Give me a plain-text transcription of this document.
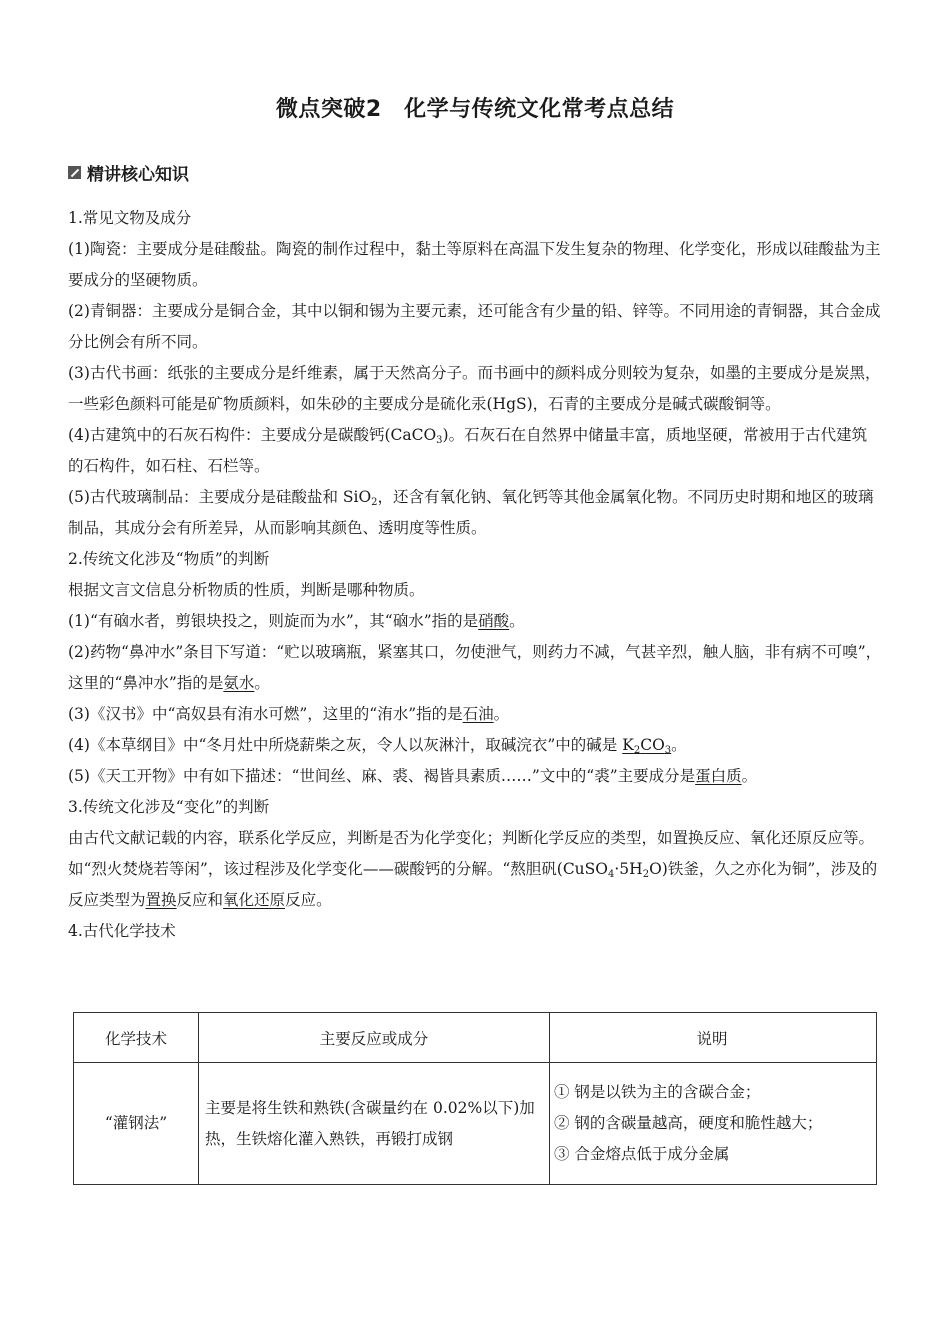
微点突破2　化学与传统文化常考点总结
精讲核心知识

1.常见文物及成分

(1)陶瓷：主要成分是硅酸盐。陶瓷的制作过程中，黏土等原料在高温下发生复杂的物理、化学变化，形成以硅酸盐为主要成分的坚硬物质。

(2)青铜器：主要成分是铜合金，其中以铜和锡为主要元素，还可能含有少量的铅、锌等。不同用途的青铜器，其合金成分比例会有所不同。

(3)古代书画：纸张的主要成分是纤维素，属于天然高分子。而书画中的颜料成分则较为复杂，如墨的主要成分是炭黑，一些彩色颜料可能是矿物质颜料，如朱砂的主要成分是硫化汞(HgS)，石青的主要成分是碱式碳酸铜等。

(4)古建筑中的石灰石构件：主要成分是碳酸钙(CaCO$_3$)。石灰石在自然界中储量丰富，质地坚硬，常被用于古代建筑的石构件，如石柱、石栏等。

(5)古代玻璃制品：主要成分是硅酸盐和 SiO$_2$，还含有氧化钠、氧化钙等其他金属氧化物。不同历史时期和地区的玻璃制品，其成分会有所差异，从而影响其颜色、透明度等性质。

2.传统文化涉及“物质”的判断

根据文言文信息分析物质的性质，判断是哪种物质。

(1)“有硇水者，剪银块投之，则旋而为水”，其“硇水”指的是硝酸。

(2)药物“鼻冲水”条目下写道：“贮以玻璃瓶，紧塞其口，勿使泄气，则药力不减，气甚辛烈，触人脑，非有病不可嗅”，这里的“鼻冲水”指的是氨水。

(3)《汉书》中“高奴县有洧水可燃”，这里的“洧水”指的是石油。

(4)《本草纲目》中“冬月灶中所烧薪柴之灰，令人以灰淋汁，取碱浣衣”中的碱是 $K_2CO_3$。

(5)《天工开物》中有如下描述：“世间丝、麻、裘、褐皆具素质……”文中的“裘”主要成分是蛋白质。

3.传统文化涉及“变化”的判断

由古代文献记载的内容，联系化学反应，判断是否为化学变化；判断化学反应的类型，如置换反应、氧化还原反应等。如“烈火焚烧若等闲”，该过程涉及化学变化——碳酸钙的分解。“熬胆矾$(CuSO_4\cdot 5H_2O)$铁釜，久之亦化为铜”，涉及的反应类型为置换反应和氧化还原反应。

4.古代化学技术

化学技术	主要反应或成分	说明
“灌钢法”	主要是将生铁和熟铁(含碳量约在 0.02%以下)加热，生铁熔化灌入熟铁，再锻打成钢	① 钢是以铁为主的含碳合金；
② 钢的含碳量越高，硬度和脆性越大；
③ 合金熔点低于成分金属
